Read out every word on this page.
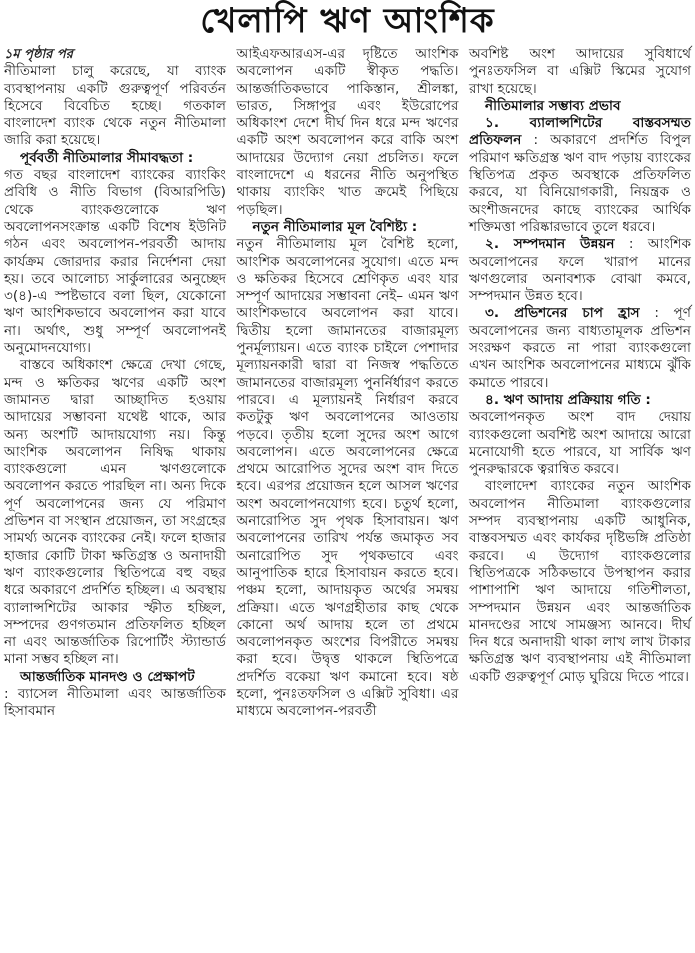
খেলাপি ঋণ আংশিক

১ম পৃষ্ঠার পর

নীতিমালা চালু করেছে, যা ব্যাংক ব্যবস্থাপনায় একটি গুরুত্বপূর্ণ পরিবর্তন হিসেবে বিবেচিত হচ্ছে। গতকাল বাংলাদেশ ব্যাংক থেকে নতুন নীতিমালা জারি করা হয়েছে।

পূর্ববর্তী নীতিমালার সীমাবদ্ধতা :

গত বছর বাংলাদেশ ব্যাংকের ব্যাংকিং প্রবিধি ও নীতি বিভাগ (বিআরপিডি) থেকে ব্যাংকগুলোকে ঋণ অবলোপনসংক্রান্ত একটি বিশেষ ইউনিট গঠন এবং অবলোপন-পরবর্তী আদায় কার্যক্রম জোরদার করার নির্দেশনা দেয়া হয়। তবে আলোচ্য সার্কুলারের অনুচ্ছেদ ৩(৪)-এ স্পষ্টভাবে বলা ছিল, যেকোনো ঋণ আংশিকভাবে অবলোপন করা যাবে না। অর্থাৎ, শুধু সম্পূর্ণ অবলোপনই অনুমোদনযোগ্য।

বাস্তবে অধিকাংশ ক্ষেত্রে দেখা গেছে, মন্দ ও ক্ষতিকর ঋণের একটি অংশ জামানত দ্বারা আচ্ছাদিত হওয়ায় আদায়ের সম্ভাবনা যথেষ্ট থাকে, আর অন্য অংশটি আদায়যোগ্য নয়। কিন্তু আংশিক অবলোপন নিষিদ্ধ থাকায় ব্যাংকগুলো এমন ঋণগুলোকে অবলোপন করতে পারছিল না। অন্য দিকে পূর্ণ অবলোপনের জন্য যে পরিমাণ প্রভিশন বা সংস্থান প্রয়োজন, তা সংগ্রহের সামর্থ্য অনেক ব্যাংকের নেই। ফলে হাজার হাজার কোটি টাকা ক্ষতিগ্রস্ত ও অনাদায়ী ঋণ ব্যাংকগুলোর স্থিতিপত্রে বহু বছর ধরে অকারণে প্রদর্শিত হচ্ছিল। এ অবস্থায় ব্যালান্সশিটের আকার স্ফীত হচ্ছিল, সম্পদের গুণগতমান প্রতিফলিত হচ্ছিল না এবং আন্তর্জাতিক রিপোর্টিং স্ট্যান্ডার্ড মানা সম্ভব হচ্ছিল না।

আন্তর্জাতিক মানদণ্ড ও প্রেক্ষাপট

: ব্যাসেল নীতিমালা এবং আন্তর্জাতিক হিসাবমান

আইএফআরএস-এর দৃষ্টিতে আংশিক অবলোপন একটি স্বীকৃত পদ্ধতি। আন্তর্জাতিকভাবে পাকিস্তান, শ্রীলঙ্কা, ভারত, সিঙ্গাপুর এবং ইউরোপের অধিকাংশ দেশে দীর্ঘ দিন ধরে মন্দ ঋণের একটি অংশ অবলোপন করে বাকি অংশ আদায়ের উদ্যোগ নেয়া প্রচলিত। ফলে বাংলাদেশে এ ধরনের নীতি অনুপস্থিত থাকায় ব্যাংকিং খাত ক্রমেই পিছিয়ে পড়ছিল।

নতুন নীতিমালার মূল বৈশিষ্ট্য :

নতুন নীতিমালায় মূল বৈশিষ্ট হলো, আংশিক অবলোপনের সুযোগ। এতে মন্দ ও ক্ষতিকর হিসেবে শ্রেণিকৃত এবং যার সম্পূর্ণ আদায়ের সম্ভাবনা নেই– এমন ঋণ আংশিকভাবে অবলোপন করা যাবে। দ্বিতীয় হলো জামানতের বাজারমূল্য পুনর্মূল্যায়ন। এতে ব্যাংক চাইলে পেশাদার মূল্যায়নকারী দ্বারা বা নিজস্ব পদ্ধতিতে জামানতের বাজারমূল্য পুনর্নির্ধারণ করতে পারবে। এ মূল্যায়নই নির্ধারণ করবে কতটুকু ঋণ অবলোপনের আওতায় পড়বে। তৃতীয় হলো সুদের অংশ আগে অবলোপন। এতে অবলোপনের ক্ষেত্রে প্রথমে আরোপিত সুদের অংশ বাদ দিতে হবে। এরপর প্রয়োজন হলে আসল ঋণের অংশ অবলোপনযোগ্য হবে। চতুর্থ হলো, অনারোপিত সুদ পৃথক হিসাবায়ন। ঋণ অবলোপনের তারিখ পর্যন্ত জমাকৃত সব অনারোপিত সুদ পৃথকভাবে এবং আনুপাতিক হারে হিসাবায়ন করতে হবে। পঞ্চম হলো, আদায়কৃত অর্থের সমন্বয় প্রক্রিয়া। এতে ঋণগ্রহীতার কাছ থেকে কোনো অর্থ আদায় হলে তা প্রথমে অবলোপনকৃত অংশের বিপরীতে সমন্বয় করা হবে। উদ্বৃত্ত থাকলে স্থিতিপত্রে প্রদর্শিত বকেয়া ঋণ কমানো হবে। ষষ্ঠ হলো, পুনঃতফসিল ও এক্সিট সুবিধা। এর মাধ্যমে অবলোপন-পরবর্তী

অবশিষ্ট অংশ আদায়ের সুবিধার্থে পুনঃতফসিল বা এক্সিট স্কিমের সুযোগ রাখা হয়েছে।

নীতিমালার সম্ভাব্য প্রভাব

১. ব্যালান্সশিটের বাস্তবসম্মত প্রতিফলন : অকারণে প্রদর্শিত বিপুল পরিমাণ ক্ষতিগ্রস্ত ঋণ বাদ পড়ায় ব্যাংকের স্থিতিপত্র প্রকৃত অবস্থাকে প্রতিফলিত করবে, যা বিনিয়োগকারী, নিয়ন্ত্রক ও অংশীজনদের কাছে ব্যাংকের আর্থিক শক্তিমত্তা পরিষ্কারভাবে তুলে ধরবে।

২. সম্পদমান উন্নয়ন : আংশিক অবলোপনের ফলে খারাপ মানের ঋণগুলোর অনাবশ্যক বোঝা কমবে, সম্পদমান উন্নত হবে।

৩. প্রভিশনের চাপ হ্রাস : পূর্ণ অবলোপনের জন্য বাধ্যতামূলক প্রভিশন সংরক্ষণ করতে না পারা ব্যাংকগুলো এখন আংশিক অবলোপনের মাধ্যমে ঝুঁকি কমাতে পারবে।

৪. ঋণ আদায় প্রক্রিয়ায় গতি :

অবলোপনকৃত অংশ বাদ দেয়ায় ব্যাংকগুলো অবশিষ্ট অংশ আদায়ে আরো মনোযোগী হতে পারবে, যা সার্বিক ঋণ পুনরুদ্ধারকে ত্বরান্বিত করবে।

বাংলাদেশ ব্যাংকের নতুন আংশিক অবলোপন নীতিমালা ব্যাংকগুলোর সম্পদ ব্যবস্থাপনায় একটি আধুনিক, বাস্তবসম্মত এবং কার্যকর দৃষ্টিভঙ্গি প্রতিষ্ঠা করবে। এ উদ্যোগ ব্যাংকগুলোর স্থিতিপত্রকে সঠিকভাবে উপস্থাপন করার পাশাপাশি ঋণ আদায়ে গতিশীলতা, সম্পদমান উন্নয়ন এবং আন্তর্জাতিক মানদণ্ডের সাথে সামঞ্জস্য আনবে। দীর্ঘ দিন ধরে অনাদায়ী থাকা লাখ লাখ টাকার ক্ষতিগ্রস্ত ঋণ ব্যবস্থাপনায় এই নীতিমালা একটি গুরুত্বপূর্ণ মোড় ঘুরিয়ে দিতে পারে।
